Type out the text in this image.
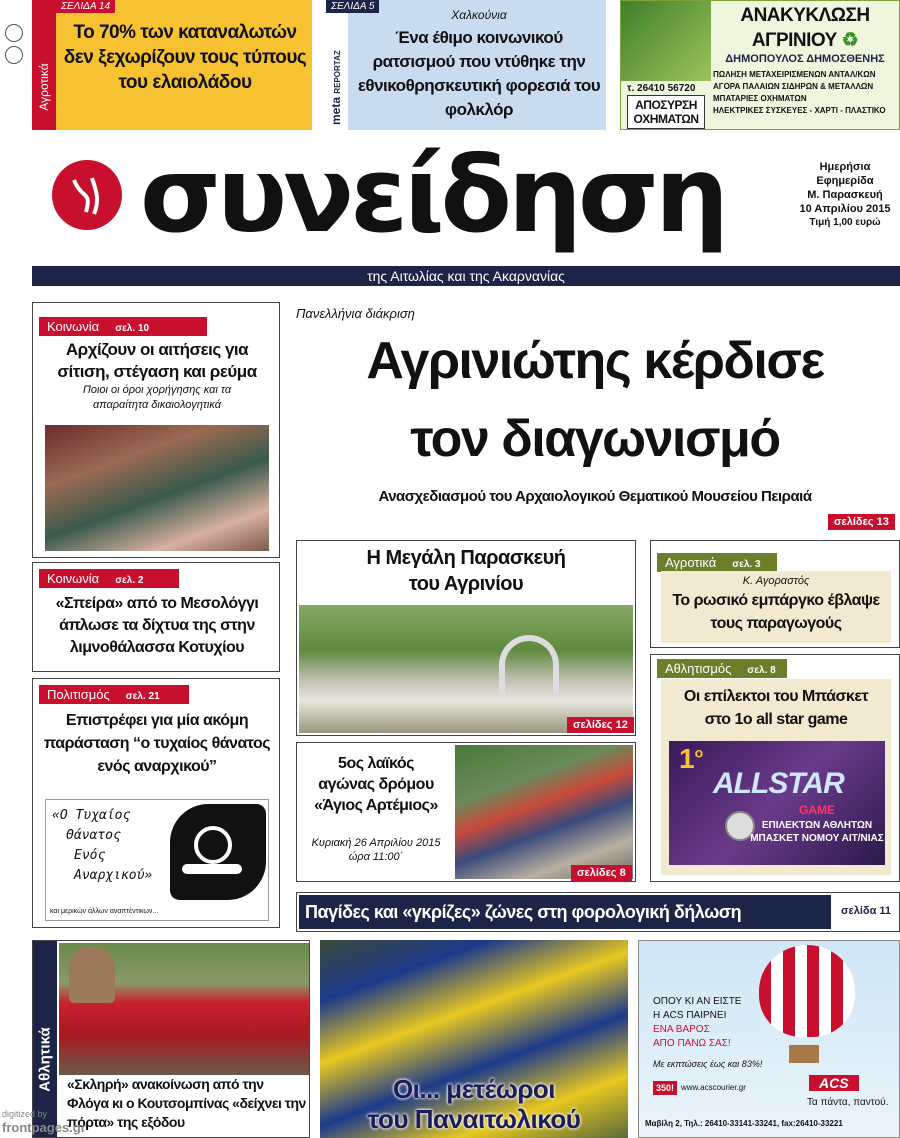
Αγροτικά
ΣΕΛΙΔΑ 14
Το 70% των καταναλωτών δεν ξεχωρίζουν τους τύπους του ελαιολάδου
meta REPORTAZ
ΣΕΛΙΔΑ 5
Χαλκούνια
Ένα έθιμο κοινωνικού ρατσισμού που ντύθηκε την εθνικοθρησκευτική φορεσιά του φολκλόρ
ΑΝΑΚΥΚΛΩΣΗ
ΑΓΡΙΝΙΟΥ ♻
ΔΗΜΟΠΟΥΛΟΣ ΔΗΜΟΣΘΕΝΗΣ
τ. 26410 56720
ΑΠΟΣΥΡΣΗ ΟΧΗΜΑΤΩΝ
ΠΩΛΗΣΗ ΜΕΤΑΧΕΙΡΙΣΜΕΝΩΝ ΑΝΤΑΛ/ΚΩΝ
ΑΓΟΡΑ ΠΑΛΑΙΩΝ ΣΙΔΗΡΩΝ & ΜΕΤΑΛΛΩΝ
ΜΠΑΤΑΡΙΕΣ ΟΧΗΜΑΤΩΝ
ΗΛΕΚΤΡΙΚΕΣ ΣΥΣΚΕΥΕΣ - ΧΑΡΤΙ - ΠΛΑΣΤΙΚΟ
συνείδηση	Ημερήσια
Εφημερίδα
Μ. Παρασκευή
10 Απριλίου 2015
Τιμή 1,00 ευρώ
της Αιτωλίας και της Ακαρνανίας
Κοινωνία σελ. 10
Αρχίζουν οι αιτήσεις για σίτιση, στέγαση και ρεύμα
Ποιοι οι όροι χορήγησης και τα απαραίτητα δικαιολογητικά
Κοινωνία σελ. 2
«Σπείρα» από το Μεσολόγγι άπλωσε τα δίχτυα της στην λιμνοθάλασσα Κοτυχίου
Πολιτισμός σελ. 21
Επιστρέφει για μία ακόμη παράσταση “ο τυχαίος θάνατος ενός αναρχικού”
«Ο Τυχαίος
Θάνατος
Ενός
Αναρχικού»
και μερικών άλλων αναπτέντικων...
Πανελλήνια διάκριση
Αγρινιώτης κέρδισε
τον διαγωνισμό
Ανασχεδιασμού του Αρχαιολογικού Θεματικού Μουσείου Πειραιά
σελίδες 13
Η Μεγάλη Παρασκευή
του Αγρινίου
σελίδες 12
5ος λαϊκός
αγώνας δρόμου
«Άγιος Αρτέμιος»
Κυριακή 26 Απριλίου 2015
ώρα 11:00΄
σελίδες 8
Αγροτικά σελ. 3
Κ. Αγοραστός
Το ρωσικό εμπάργκο έβλαψε τους παραγωγούς
Αθλητισμός σελ. 8
Οι επίλεκτοι του Μπάσκετ στο 1ο all star game
$1^o$
ALLSTAR
GAME
ΕΠΙΛΕΚΤΩΝ ΑΘΛΗΤΩΝ
ΜΠΑΣΚΕΤ ΝΟΜΟΥ ΑΙΤ/ΝΙΑΣ
Παγίδες και «γκρίζες» ζώνες στη φορολογική δήλωση	σελίδα 11
Αθλητικά «Σκληρή» ανακοίνωση από την Φλόγα κι ο Κουτσομπίνας «δείχνει την πόρτα» της εξόδου
Οι... μετέωροι
του Παναιτωλικού
ΟΠΟΥ ΚΙ ΑΝ ΕΙΣΤΕ
Η ACS ΠΑΙΡΝΕΙ
ΕΝΑ ΒΑΡΟΣ
ΑΠΟ ΠΑΝΩ ΣΑΣ!
Με εκπτώσεις έως και 83%!
350! www.acscourier.gr	ACS
Τα πάντα, παντού.
Μαβίλη 2, Τηλ.: 26410-33141-33241, fax:26410-33221
digitized by
frontpages.gr
